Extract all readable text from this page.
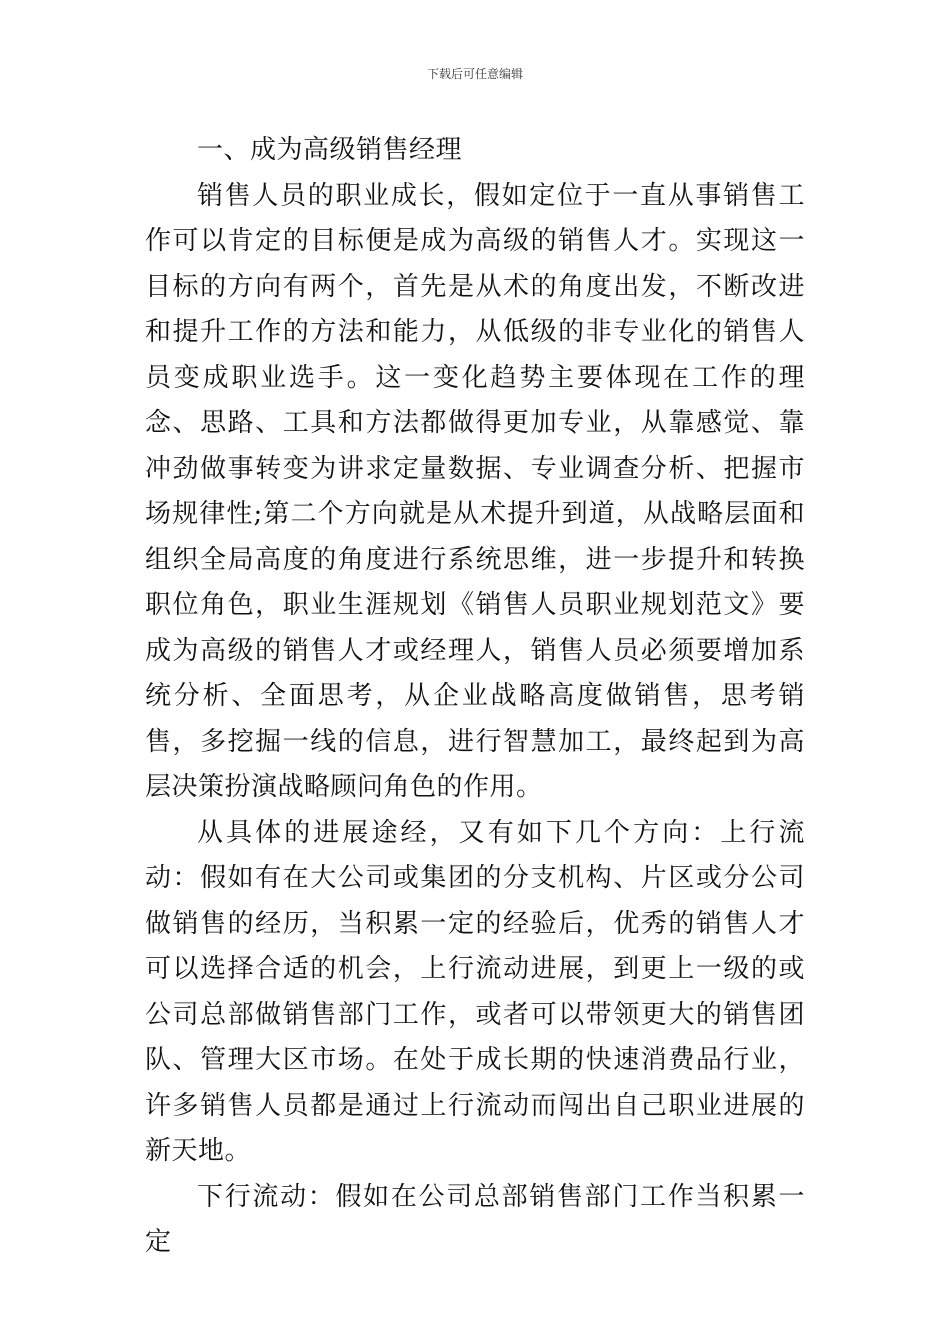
下载后可任意编辑

一、成为高级销售经理

销售人员的职业成长，假如定位于一直从事销售工作可以肯定的目标便是成为高级的销售人才。实现这一目标的方向有两个，首先是从术的角度出发，不断改进和提升工作的方法和能力，从低级的非专业化的销售人员变成职业选手。这一变化趋势主要体现在工作的理念、思路、工具和方法都做得更加专业，从靠感觉、靠冲劲做事转变为讲求定量数据、专业调查分析、把握市场规律性;第二个方向就是从术提升到道，从战略层面和组织全局高度的角度进行系统思维，进一步提升和转换职位角色，职业生涯规划《销售人员职业规划范文》要成为高级的销售人才或经理人，销售人员必须要增加系统分析、全面思考，从企业战略高度做销售，思考销售，多挖掘一线的信息，进行智慧加工，最终起到为高层决策扮演战略顾问角色的作用。

从具体的进展途经，又有如下几个方向：上行流动：假如有在大公司或集团的分支机构、片区或分公司做销售的经历，当积累一定的经验后，优秀的销售人才可以选择合适的机会，上行流动进展，到更上一级的或公司总部做销售部门工作，或者可以带领更大的销售团队、管理大区市场。在处于成长期的快速消费品行业，许多销售人员都是通过上行流动而闯出自己职业进展的新天地。

下行流动：假如在公司总部销售部门工作当积累一定
